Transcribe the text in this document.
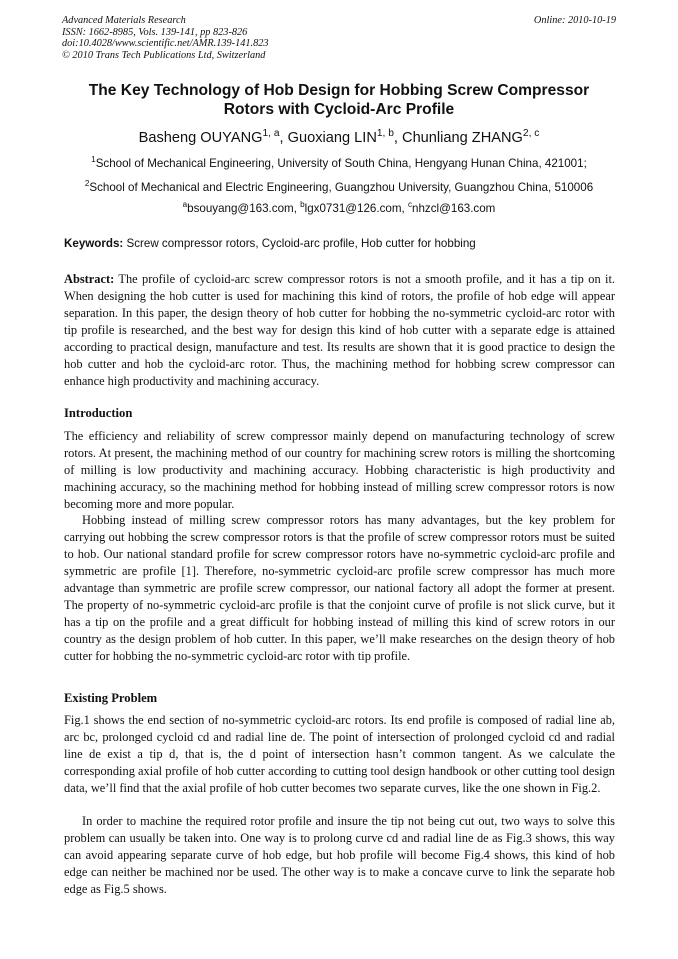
Advanced Materials Research
ISSN: 1662-8985, Vols. 139-141, pp 823-826
doi:10.4028/www.scientific.net/AMR.139-141.823
© 2010 Trans Tech Publications Ltd, Switzerland
Online: 2010-10-19
The Key Technology of Hob Design for Hobbing Screw Compressor
Rotors with Cycloid-Arc Profile
Basheng OUYANG$^{1, a}$, Guoxiang LIN$^{1, b}$, Chunliang ZHANG$^{2, c}$
$^1$School of Mechanical Engineering, University of South China, Hengyang Hunan China, 421001;
$^2$School of Mechanical and Electric Engineering, Guangzhou University, Guangzhou China, 510006
$^a$bsouyang@163.com, $^b$lgx0731@126.com, $^c$nhzcl@163.com
Keywords: Screw compressor rotors, Cycloid-arc profile, Hob cutter for hobbing
Abstract: The profile of cycloid-arc screw compressor rotors is not a smooth profile, and it has a tip on it. When designing the hob cutter is used for machining this kind of rotors, the profile of hob edge will appear separation. In this paper, the design theory of hob cutter for hobbing the no-symmetric cycloid-arc rotor with tip profile is researched, and the best way for design this kind of hob cutter with a separate edge is attained according to practical design, manufacture and test. Its results are shown that it is good practice to design the hob cutter and hob the cycloid-arc rotor. Thus, the machining method for hobbing screw compressor can enhance high productivity and machining accuracy.
Introduction
The efficiency and reliability of screw compressor mainly depend on manufacturing technology of screw rotors. At present, the machining method of our country for machining screw rotors is milling the shortcoming of milling is low productivity and machining accuracy. Hobbing characteristic is high productivity and machining accuracy, so the machining method for hobbing instead of milling screw compressor rotors is now becoming more and more popular.
Hobbing instead of milling screw compressor rotors has many advantages, but the key problem for carrying out hobbing the screw compressor rotors is that the profile of screw compressor rotors must be suited to hob. Our national standard profile for screw compressor rotors have no-symmetric cycloid-arc profile and symmetric are profile [1]. Therefore, no-symmetric cycloid-arc profile screw compressor has much more advantage than symmetric are profile screw compressor, our national factory all adopt the former at present. The property of no-symmetric cycloid-arc profile is that the conjoint curve of profile is not slick curve, but it has a tip on the profile and a great difficult for hobbing instead of milling this kind of screw rotors in our country as the design problem of hob cutter. In this paper, we’ll make researches on the design theory of hob cutter for hobbing the no-symmetric cycloid-arc rotor with tip profile.
Existing Problem
Fig.1 shows the end section of no-symmetric cycloid-arc rotors. Its end profile is composed of radial line ab, arc bc, prolonged cycloid cd and radial line de. The point of intersection of prolonged cycloid cd and radial line de exist a tip d, that is, the d point of intersection hasn’t common tangent. As we calculate the corresponding axial profile of hob cutter according to cutting tool design handbook or other cutting tool design data, we’ll find that the axial profile of hob cutter becomes two separate curves, like the one shown in Fig.2.
In order to machine the required rotor profile and insure the tip not being cut out, two ways to solve this problem can usually be taken into. One way is to prolong curve cd and radial line de as Fig.3 shows, this way can avoid appearing separate curve of hob edge, but hob profile will become Fig.4 shows, this kind of hob edge can neither be machined nor be used. The other way is to make a concave curve to link the separate hob edge as Fig.5 shows.
